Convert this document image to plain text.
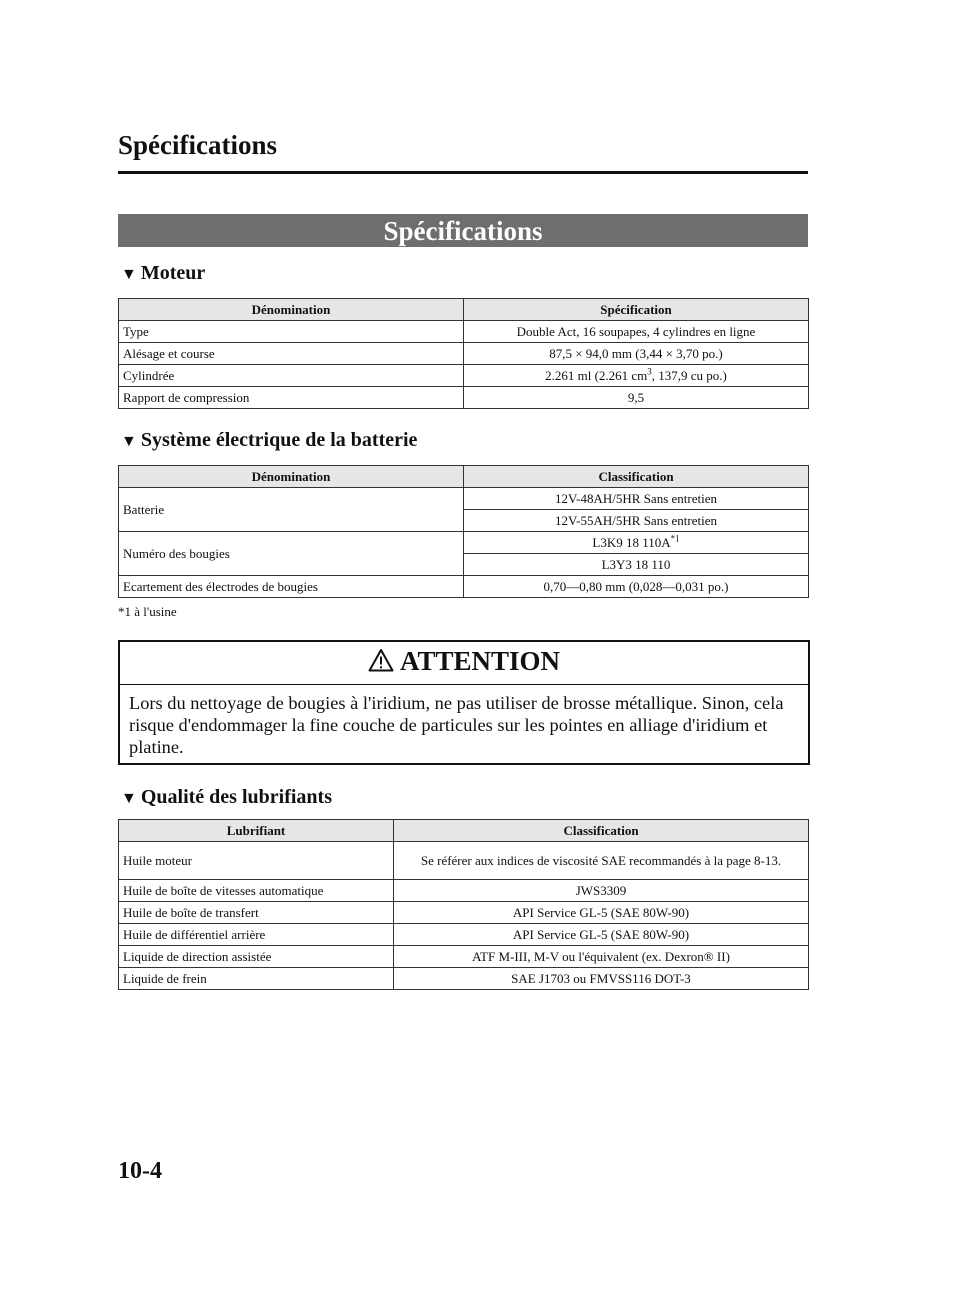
Spécifications
Spécifications
▼ Moteur
Dénomination	Spécification
Type	Double Act, 16 soupapes, 4 cylindres en ligne
Alésage et course	87,5 × 94,0 mm (3,44 × 3,70 po.)
Cylindrée	2.261 ml (2.261 $cm^3$, 137,9 cu po.)
Rapport de compression	9,5
▼ Système électrique de la batterie
Dénomination	Classification
Batterie	12V-48AH/5HR Sans entretien
	12V-55AH/5HR Sans entretien
Numéro des bougies	L3K9 18 $110A^{*1}$
	L3Y3 18 110
Ecartement des électrodes de bougies	0,70―0,80 mm (0,028―0,031 po.)
*1 à l'usine
ATTENTION
Lors du nettoyage de bougies à l'iridium, ne pas utiliser de brosse métallique. Sinon, cela risque d'endommager la fine couche de particules sur les pointes en alliage d'iridium et platine.
▼ Qualité des lubrifiants
Lubrifiant	Classification
Huile moteur	Se référer aux indices de viscosité SAE recommandés à la page 8-13.
Huile de boîte de vitesses automatique	JWS3309
Huile de boîte de transfert	API Service GL-5 (SAE 80W-90)
Huile de différentiel arrière	API Service GL-5 (SAE 80W-90)
Liquide de direction assistée	ATF M-III, M-V ou l'équivalent (ex. Dexron® II)
Liquide de frein	SAE J1703 ou FMVSS116 DOT-3
10-4
